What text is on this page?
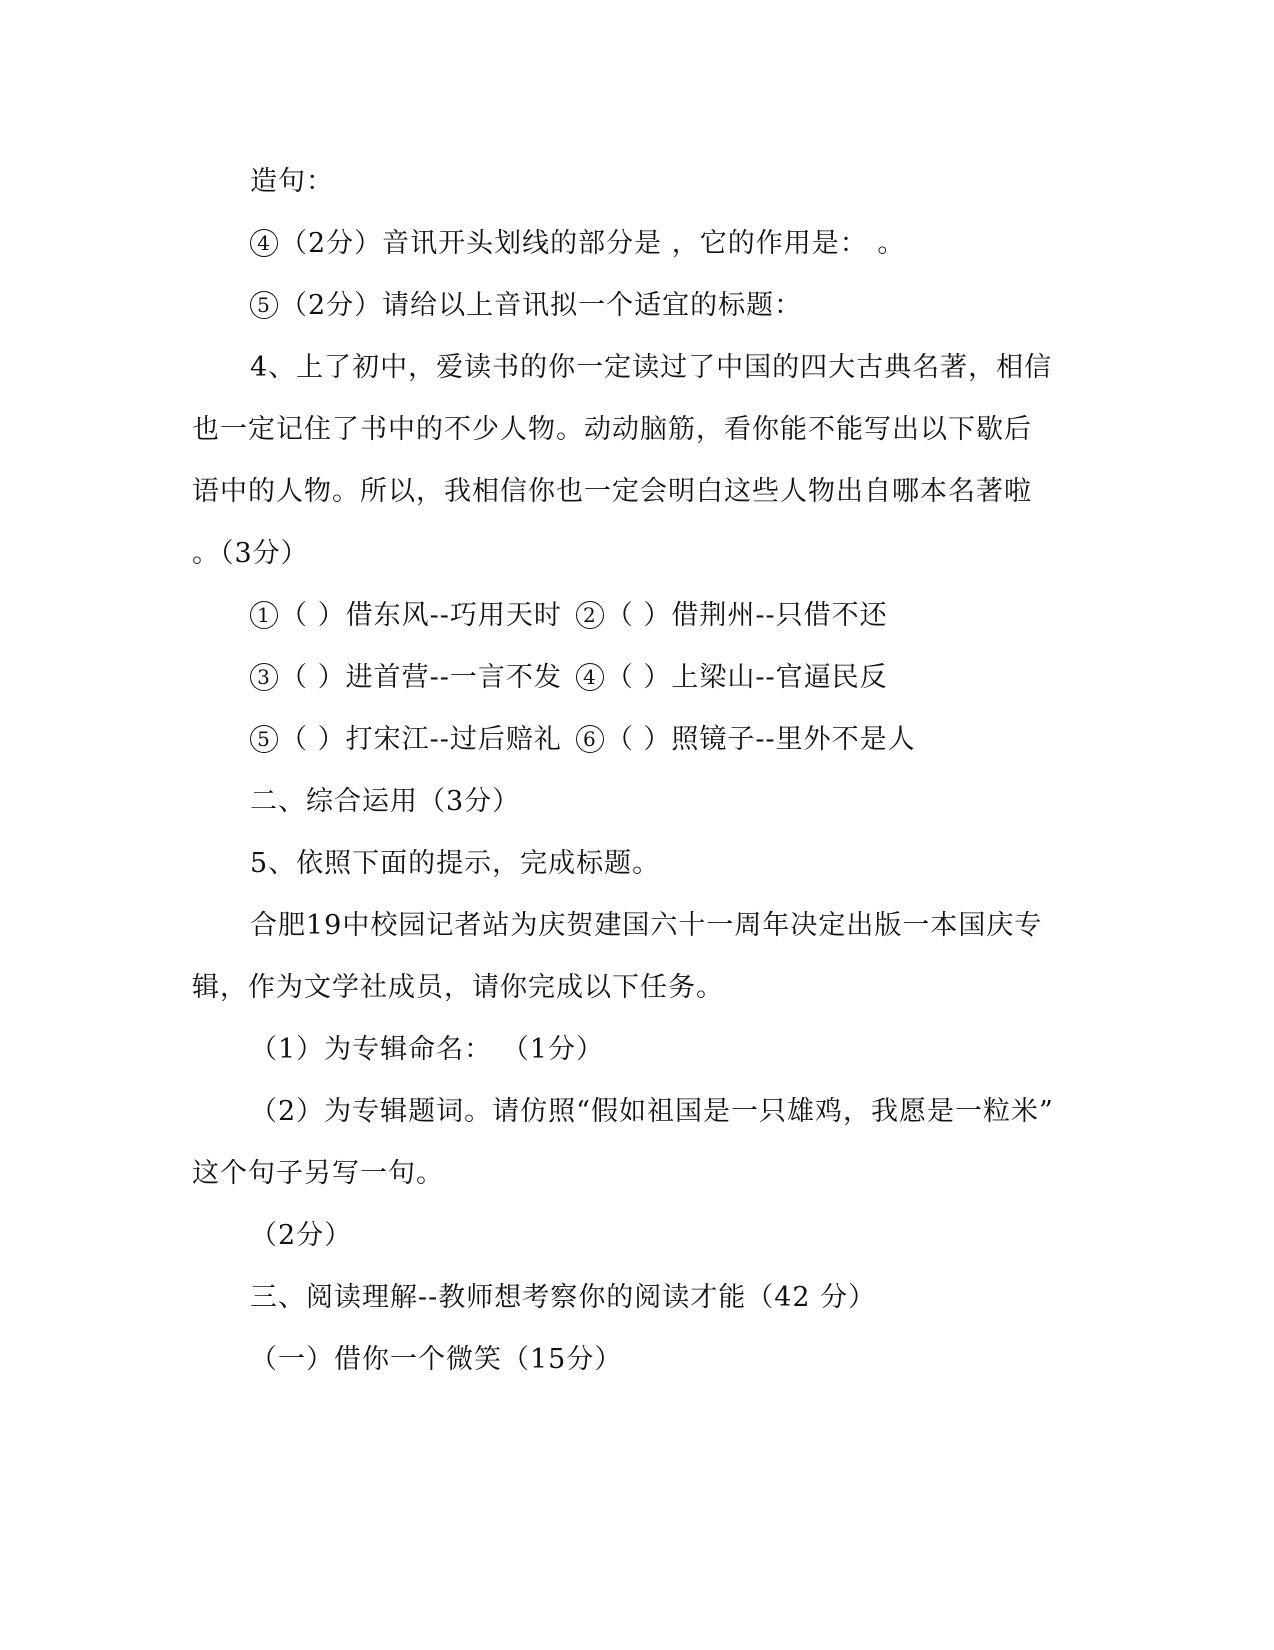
造句：
4 （2分）音讯开头划线的部分是 ，它的作用是： 。
5 （2分）请给以上音讯拟一个适宜的标题：
4、上了初中，爱读书的你一定读过了中国的四大古典名著，相信
也一定记住了书中的不少人物。动动脑筋，看你能不能写出以下歇后
语中的人物。所以，我相信你也一定会明白这些人物出自哪本名著啦
。（3分）
1 （ ）借东风--巧用天时 2 （ ）借荆州--只借不还
3 （ ）进首营--一言不发 4 （ ）上梁山--官逼民反
5 （ ）打宋江--过后赔礼 6 （ ）照镜子--里外不是人
二、综合运用（3分）
5、依照下面的提示，完成标题。
合肥19中校园记者站为庆贺建国六十一周年决定出版一本国庆专
辑，作为文学社成员，请你完成以下任务。
（1）为专辑命名： （1分）
（2）为专辑题词。请仿照“假如祖国是一只雄鸡，我愿是一粒米”
这个句子另写一句。
（2分）
三、阅读理解--教师想考察你的阅读才能（42 分）
（一）借你一个微笑（15分）
